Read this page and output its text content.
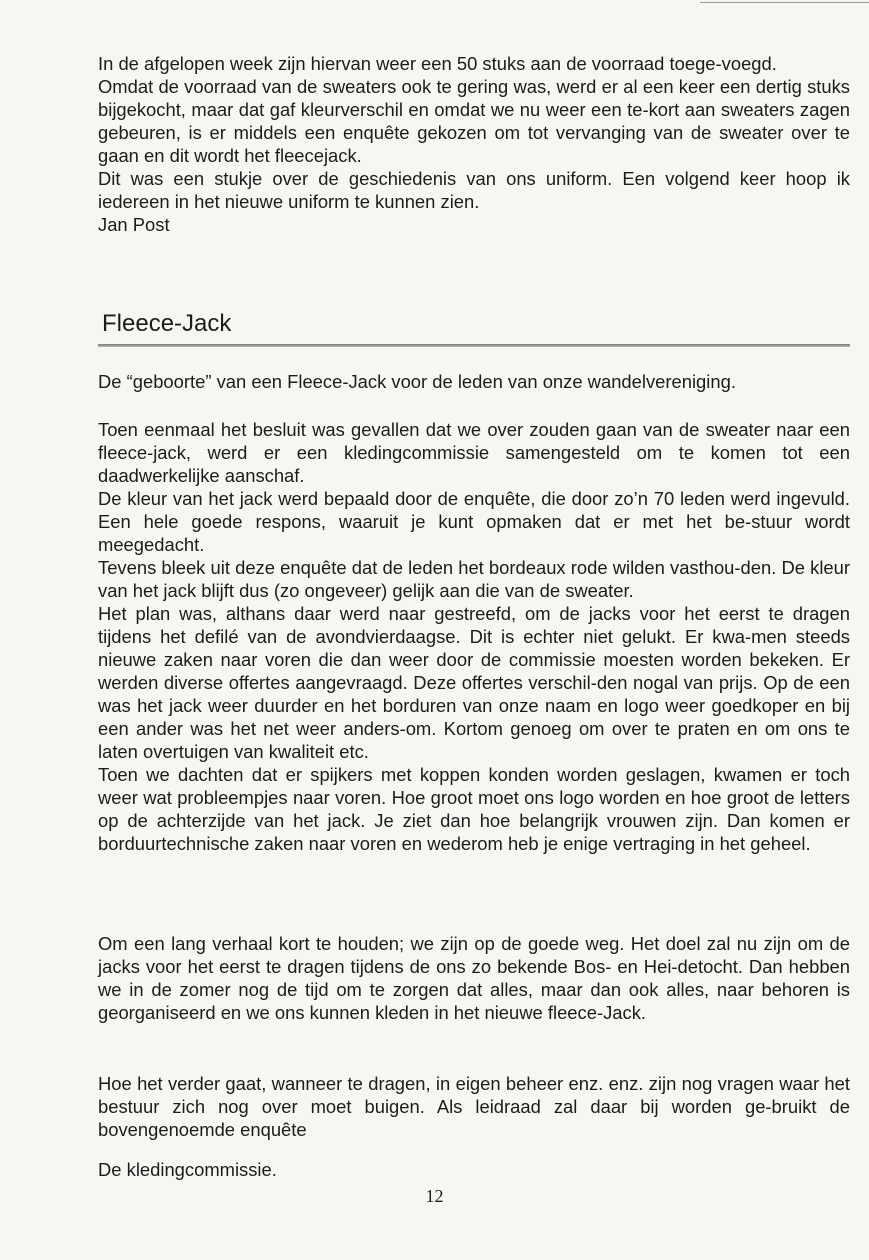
In de afgelopen week zijn hiervan weer een 50 stuks aan de voorraad toege-voegd.

Omdat de voorraad van de sweaters ook te gering was, werd er al een keer een dertig stuks bijgekocht, maar dat gaf kleurverschil en omdat we nu weer een te-kort aan sweaters zagen gebeuren, is er middels een enquête gekozen om tot vervanging van de sweater over te gaan en dit wordt het fleecejack.

Dit was een stukje over de geschiedenis van ons uniform. Een volgend keer hoop ik iedereen in het nieuwe uniform te kunnen zien.

Jan Post

Fleece-Jack

De “geboorte” van een Fleece-Jack voor de leden van onze wandelvereniging.

Toen eenmaal het besluit was gevallen dat we over zouden gaan van de sweater naar een fleece-jack, werd er een kledingcommissie samengesteld om te komen tot een daadwerkelijke aanschaf.

De kleur van het jack werd bepaald door de enquête, die door zo’n 70 leden werd ingevuld. Een hele goede respons, waaruit je kunt opmaken dat er met het be-stuur wordt meegedacht.

Tevens bleek uit deze enquête dat de leden het bordeaux rode wilden vasthou-den. De kleur van het jack blijft dus (zo ongeveer) gelijk aan die van de sweater.

Het plan was, althans daar werd naar gestreefd, om de jacks voor het eerst te dragen tijdens het defilé van de avondvierdaagse. Dit is echter niet gelukt. Er kwa-men steeds nieuwe zaken naar voren die dan weer door de commissie moesten worden bekeken. Er werden diverse offertes aangevraagd. Deze offertes verschil-den nogal van prijs. Op de een was het jack weer duurder en het borduren van onze naam en logo weer goedkoper en bij een ander was het net weer anders-om. Kortom genoeg om over te praten en om ons te laten overtuigen van kwaliteit etc.

Toen we dachten dat er spijkers met koppen konden worden geslagen, kwamen er toch weer wat probleempjes naar voren. Hoe groot moet ons logo worden en hoe groot de letters op de achterzijde van het jack. Je ziet dan hoe belangrijk vrouwen zijn. Dan komen er borduurtechnische zaken naar voren en wederom heb je enige vertraging in het geheel.

Om een lang verhaal kort te houden; we zijn op de goede weg. Het doel zal nu zijn om de jacks voor het eerst te dragen tijdens de ons zo bekende Bos- en Hei-detocht. Dan hebben we in de zomer nog de tijd om te zorgen dat alles, maar dan ook alles, naar behoren is georganiseerd en we ons kunnen kleden in het nieuwe fleece-Jack.

Hoe het verder gaat, wanneer te dragen, in eigen beheer enz. enz. zijn nog vragen waar het bestuur zich nog over moet buigen. Als leidraad zal daar bij worden ge-bruikt de bovengenoemde enquête

De kledingcommissie.

12
